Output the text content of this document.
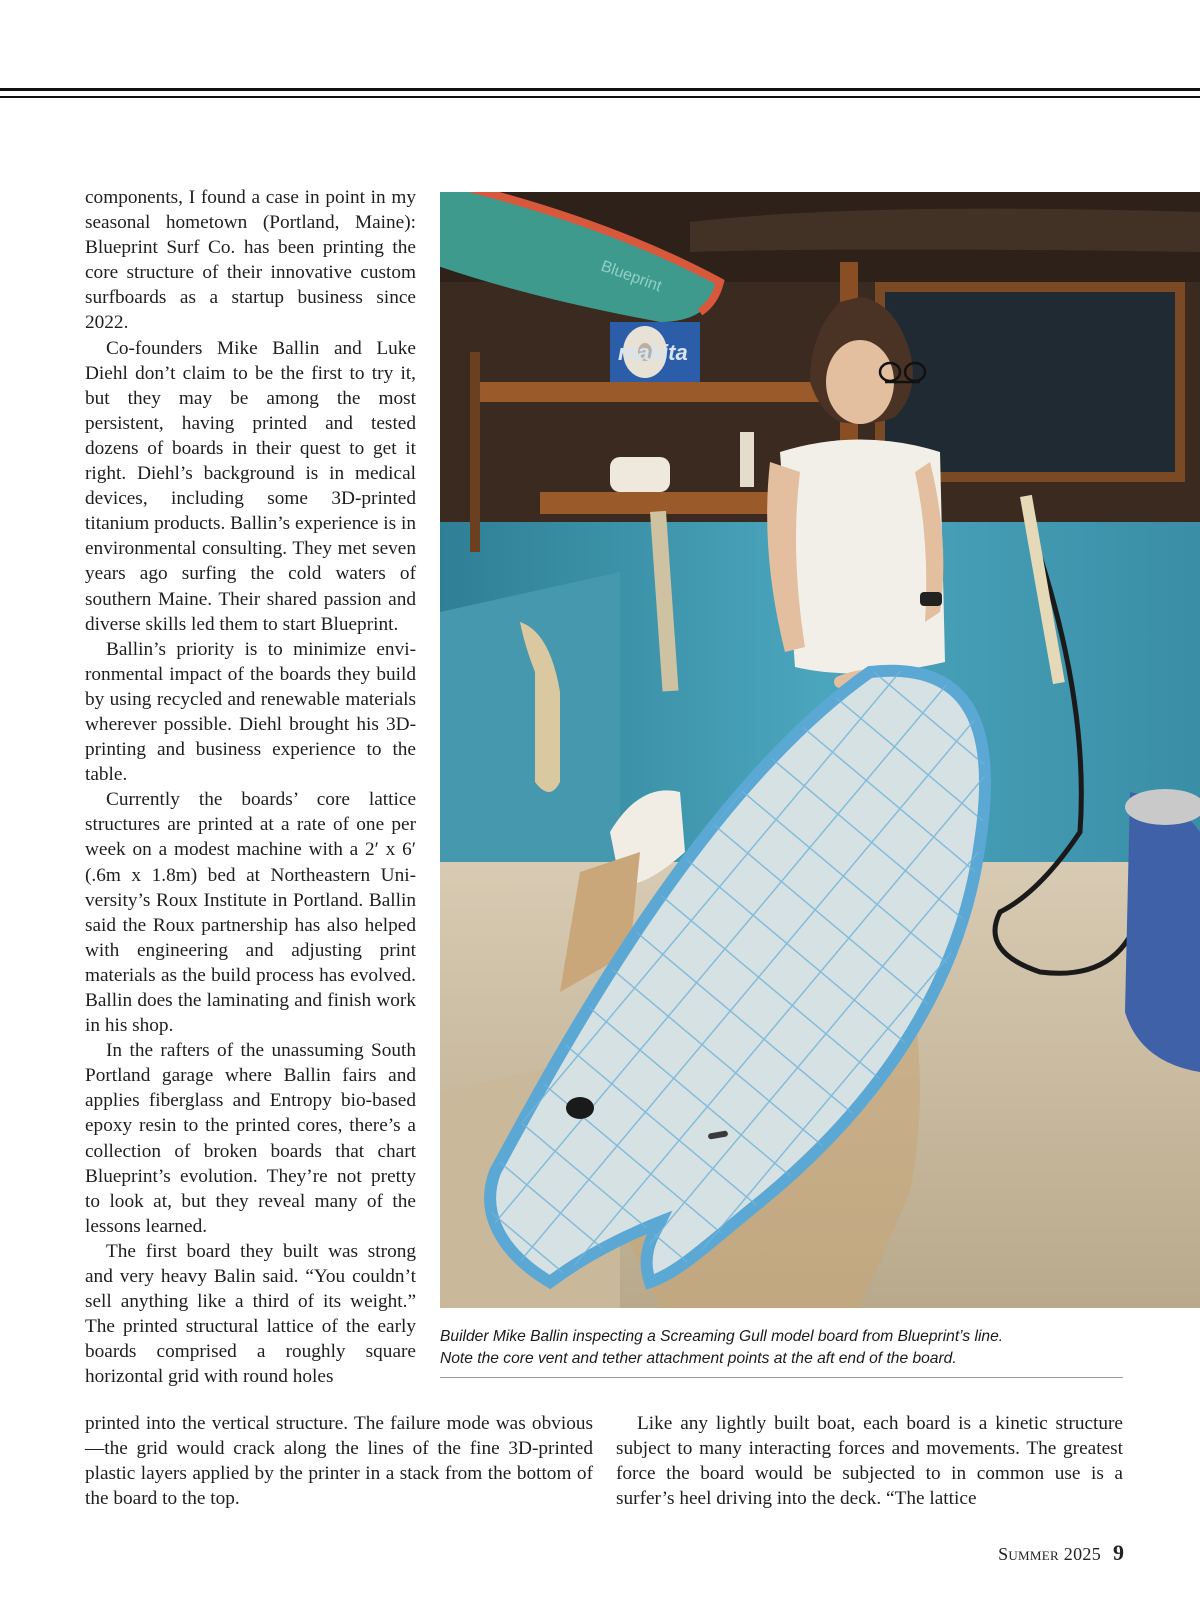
components, I found a case in point in my seasonal hometown (Portland, Maine): Blueprint Surf Co. has been printing the core structure of their innovative custom surfboards as a startup business since 2022.

Co-founders Mike Ballin and Luke Diehl don’t claim to be the first to try it, but they may be among the most persistent, having printed and tested dozens of boards in their quest to get it right. Diehl’s background is in medical devices, including some 3D-printed titanium products. Ballin’s experience is in environmental consulting. They met seven years ago surfing the cold waters of southern Maine. Their shared passion and diverse skills led them to start Blueprint.

Ballin’s priority is to minimize environmental impact of the boards they build by using recycled and renewable materials wherever possible. Diehl brought his 3D-printing and business experience to the table.

Currently the boards’ core lattice structures are printed at a rate of one per week on a modest machine with a 2′ x 6′ (.6m x 1.8m) bed at Northeastern University’s Roux Institute in Portland. Ballin said the Roux partnership has also helped with engineering and adjusting print materials as the build process has evolved. Ballin does the laminating and finish work in his shop.

In the rafters of the unassuming South Portland garage where Ballin fairs and applies fiberglass and Entropy bio-based epoxy resin to the printed cores, there’s a collection of broken boards that chart Blueprint’s evolution. They’re not pretty to look at, but they reveal many of the lessons learned.

The first board they built was strong and very heavy Balin said. “You couldn’t sell anything like a third of its weight.” The printed structural lattice of the early boards comprised a roughly square horizontal grid with round holes

Blueprint
makita

Builder Mike Ballin inspecting a Screaming Gull model board from Blueprint’s line.
Note the core vent and tether attachment points at the aft end of the board.

printed into the vertical structure. The failure mode was obvious—the grid would crack along the lines of the fine 3D-printed plastic layers applied by the printer in a stack from the bottom of the board to the top.

Like any lightly built boat, each board is a kinetic structure subject to many interacting forces and movements. The greatest force the board would be subjected to in common use is a surfer’s heel driving into the deck. “The lattice

Summer 2025 9
